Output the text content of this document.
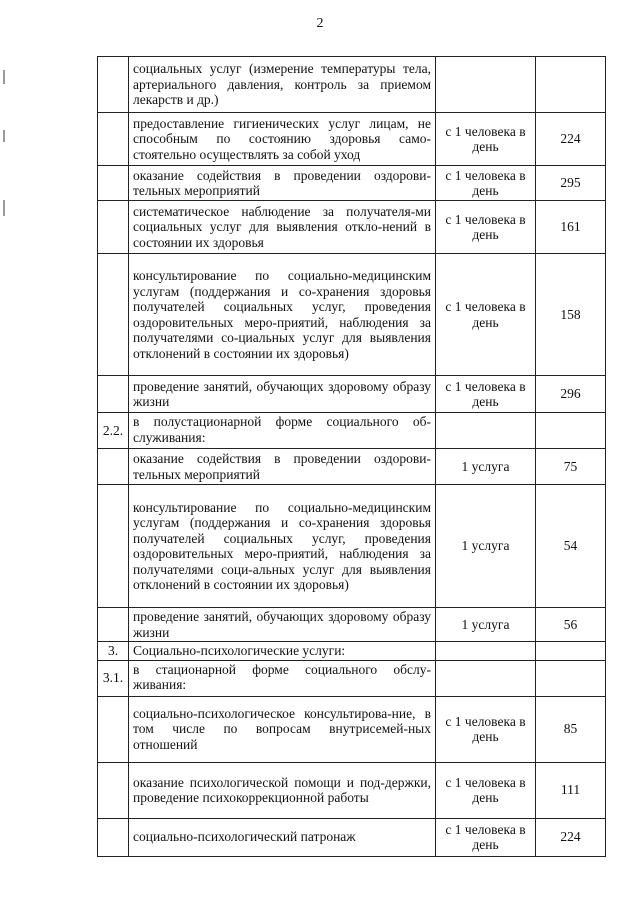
2
	социальных услуг (измерение температуры тела, артериального давления, контроль за приемом лекарств и др.)		
	предоставление гигиенических услуг лицам, не способным по состоянию здоровья само-стоятельно осуществлять за собой уход	с 1 человека в день	224
	оказание содействия в проведении оздорови-тельных мероприятий	с 1 человека в день	295
	систематическое наблюдение за получателя-ми социальных услуг для выявления откло-нений в состоянии их здоровья	с 1 человека в день	161
	консультирование по социально-медицинским услугам (поддержания и со-хранения здоровья получателей социальных услуг, проведения оздоровительных меро-приятий, наблюдения за получателями со-циальных услуг для выявления отклонений в состоянии их здоровья)	с 1 человека в день	158
	проведение занятий, обучающих здоровому образу жизни	с 1 человека в день	296
2.2.	в полустационарной форме социального об-служивания:		
	оказание содействия в проведении оздорови-тельных мероприятий	1 услуга	75
	консультирование по социально-медицинским услугам (поддержания и со-хранения здоровья получателей социальных услуг, проведения оздоровительных меро-приятий, наблюдения за получателями соци-альных услуг для выявления отклонений в состоянии их здоровья)	1 услуга	54
	проведение занятий, обучающих здоровому образу жизни	1 услуга	56
3.	Социально-психологические услуги:		
3.1.	в стационарной форме социального обслу-живания:		
	социально-психологическое консультирова-ние, в том числе по вопросам внутрисемей-ных отношений	с 1 человека в день	85
	оказание психологической помощи и под-держки, проведение психокоррекционной работы	с 1 человека в день	111
	социально-психологический патронаж	с 1 человека в день	224
